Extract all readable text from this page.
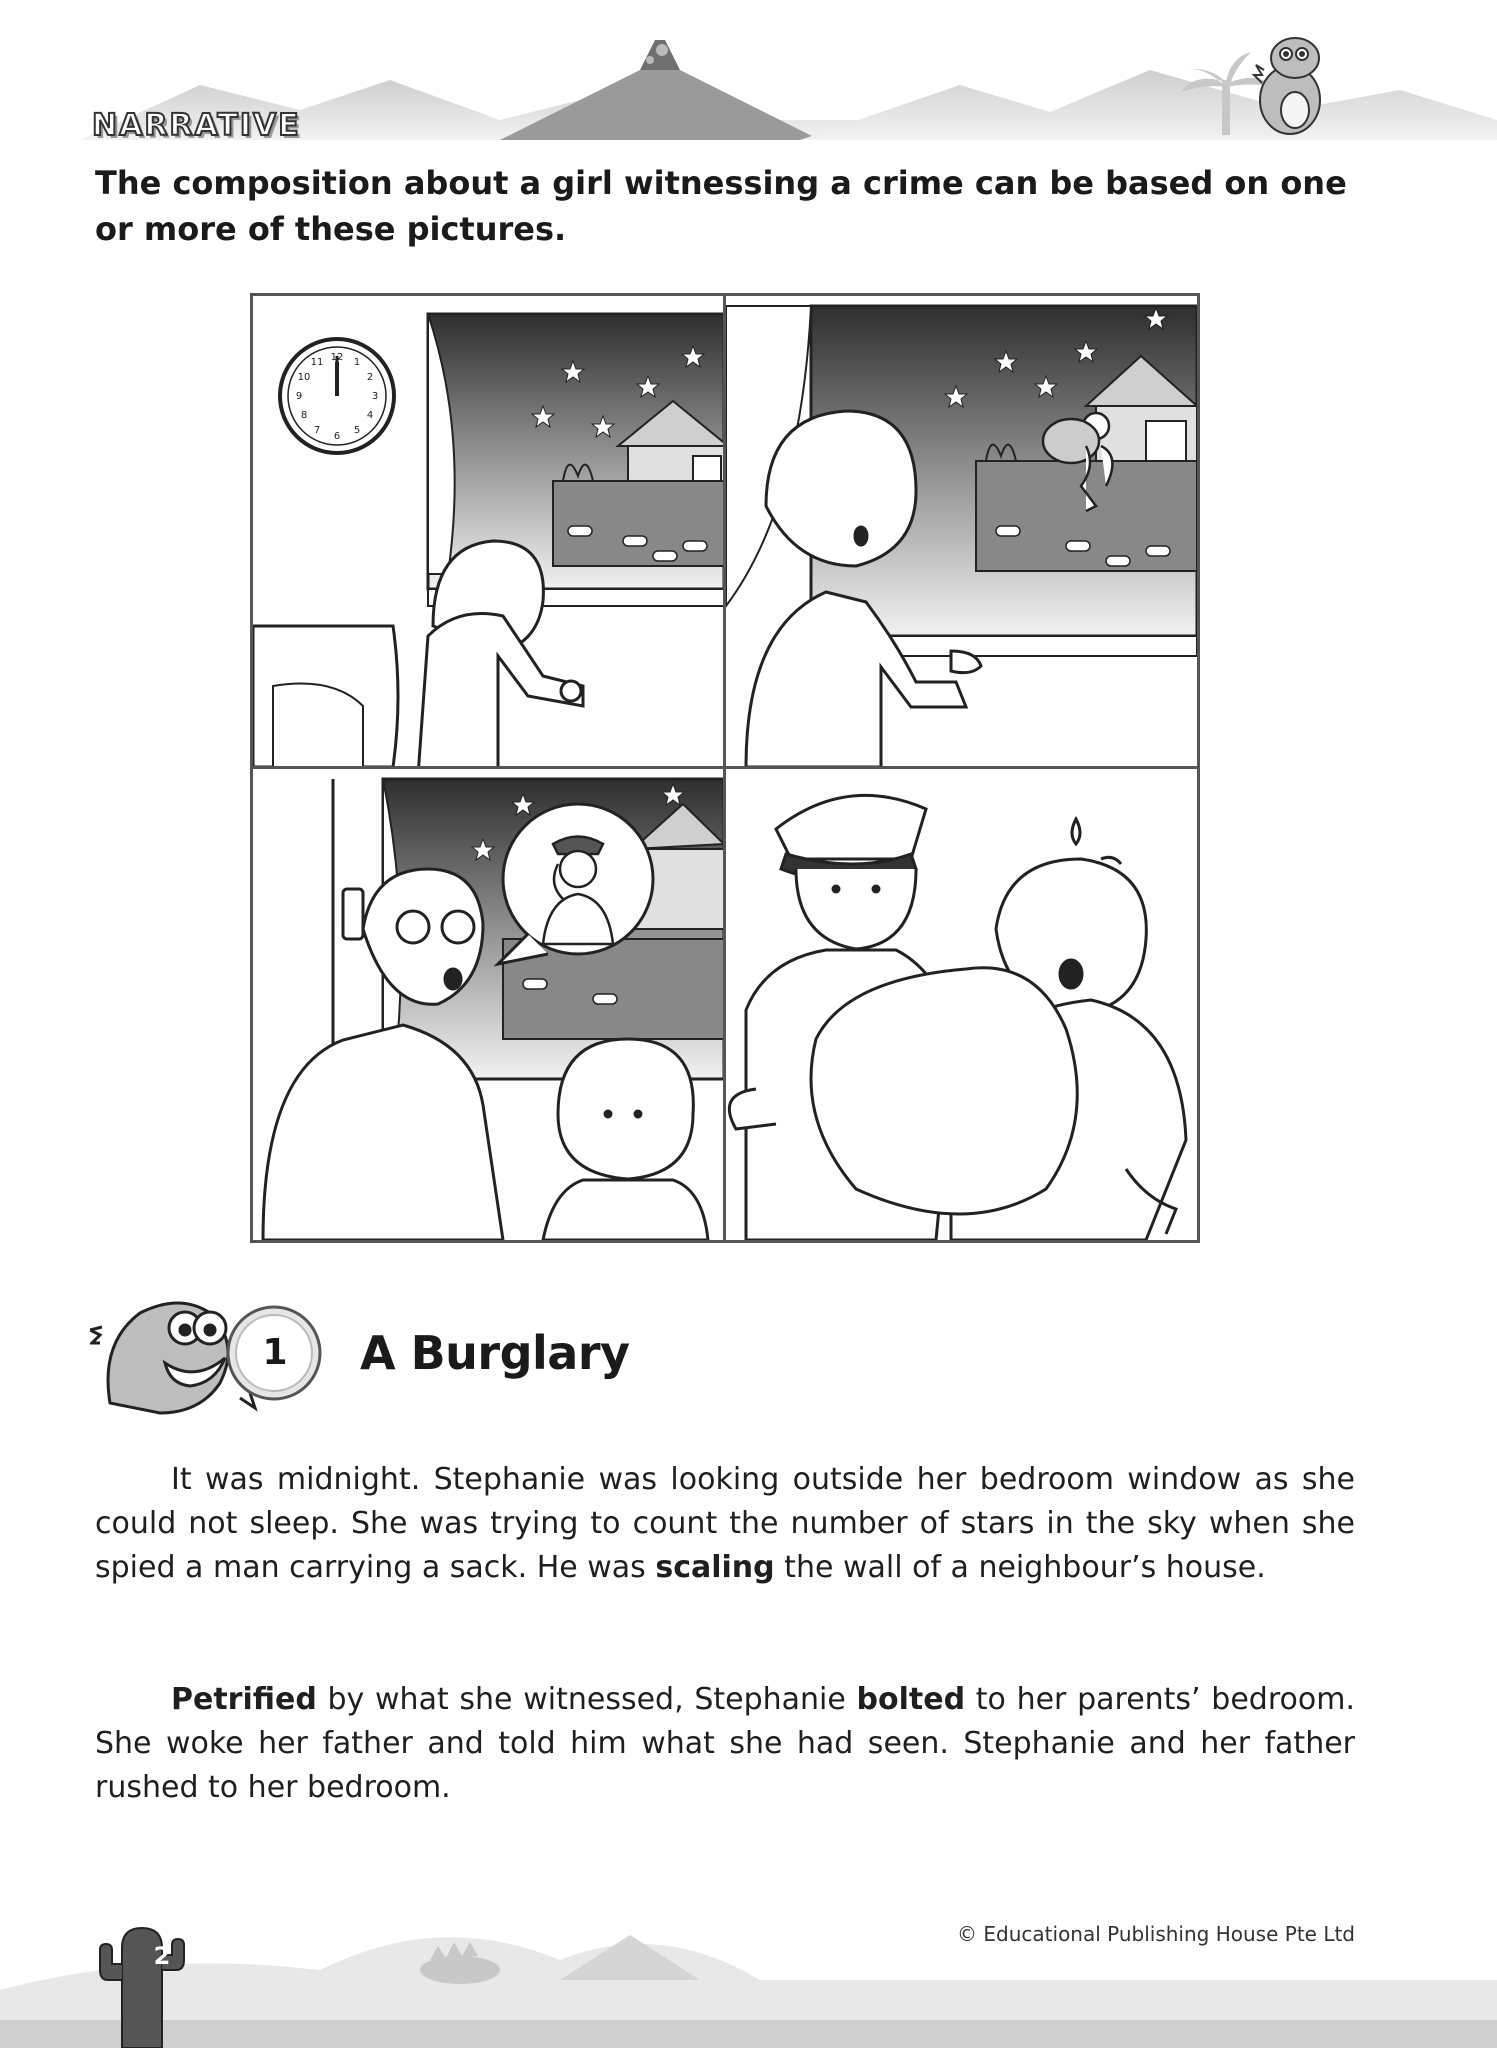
NARRATIVE
The composition about a girl witnessing a crime can be based on one or more of these pictures.
12 1
2
3
4
5
6
7
8
9
10
11
1	A Burglary
It was midnight. Stephanie was looking outside her bedroom window as she could not sleep. She was trying to count the number of stars in the sky when she spied a man carrying a sack. He was scaling the wall of a neighbour’s house.
Petrified by what she witnessed, Stephanie bolted to her parents’ bedroom. She woke her father and told him what she had seen. Stephanie and her father rushed to her bedroom.
© Educational Publishing House Pte Ltd
2
